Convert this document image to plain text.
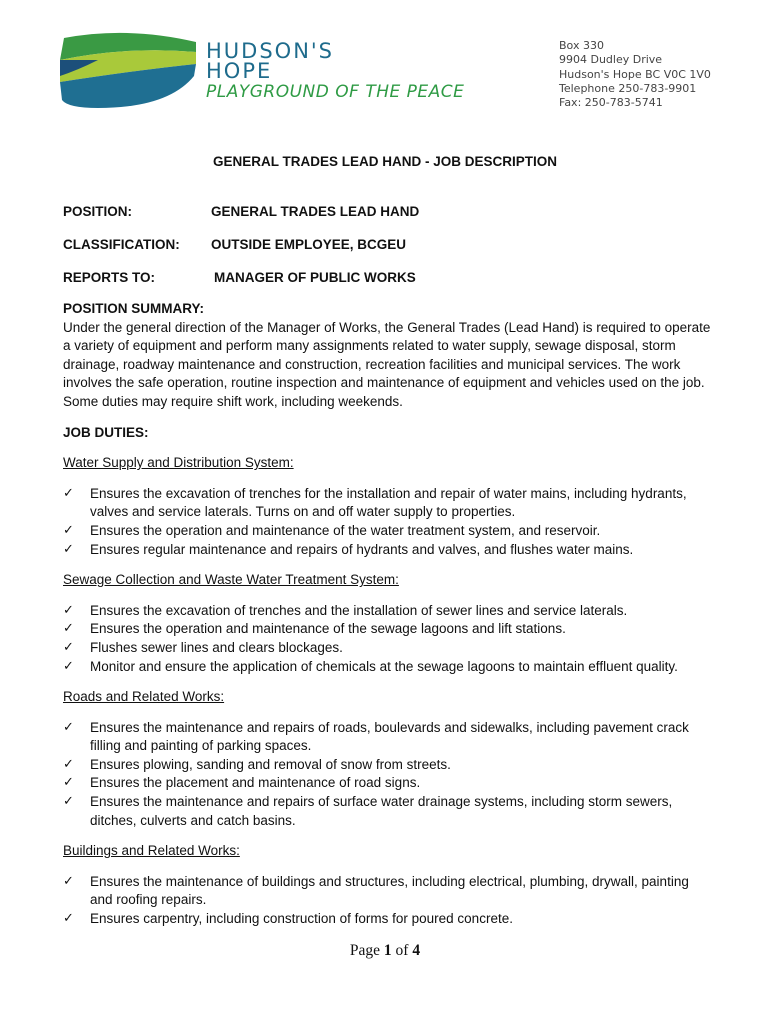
HUDSON'S
HOPE
PLAYGROUND OF THE PEACE
Box 330
9904 Dudley Drive
Hudson's Hope BC V0C 1V0
Telephone 250-783-9901
Fax: 250-783-5741
GENERAL TRADES LEAD HAND - JOB DESCRIPTION
POSITION:	GENERAL TRADES LEAD HAND
CLASSIFICATION: OUTSIDE EMPLOYEE, BCGEU
REPORTS TO:	MANAGER OF PUBLIC WORKS
POSITION SUMMARY:

Under the general direction of the Manager of Works, the General Trades (Lead Hand) is required to operate a variety of equipment and perform many assignments related to water supply, sewage disposal, storm drainage, roadway maintenance and construction, recreation facilities and municipal services. The work involves the safe operation, routine inspection and maintenance of equipment and vehicles used on the job. Some duties may require shift work, including weekends.

JOB DUTIES:
Water Supply and Distribution System:
✓ Ensures the excavation of trenches for the installation and repair of water mains, including hydrants, valves and service laterals. Turns on and off water supply to properties.
✓ Ensures the operation and maintenance of the water treatment system, and reservoir.
✓ Ensures regular maintenance and repairs of hydrants and valves, and flushes water mains.
Sewage Collection and Waste Water Treatment System:
✓ Ensures the excavation of trenches and the installation of sewer lines and service laterals.
✓ Ensures the operation and maintenance of the sewage lagoons and lift stations.
✓ Flushes sewer lines and clears blockages.
✓ Monitor and ensure the application of chemicals at the sewage lagoons to maintain effluent quality.
Roads and Related Works:
✓ Ensures the maintenance and repairs of roads, boulevards and sidewalks, including pavement crack filling and painting of parking spaces.
✓ Ensures plowing, sanding and removal of snow from streets.
✓ Ensures the placement and maintenance of road signs.
✓ Ensures the maintenance and repairs of surface water drainage systems, including storm sewers, ditches, culverts and catch basins.
Buildings and Related Works:
✓ Ensures the maintenance of buildings and structures, including electrical, plumbing, drywall, painting and roofing repairs.
✓ Ensures carpentry, including construction of forms for poured concrete.
Page 1 of 4
